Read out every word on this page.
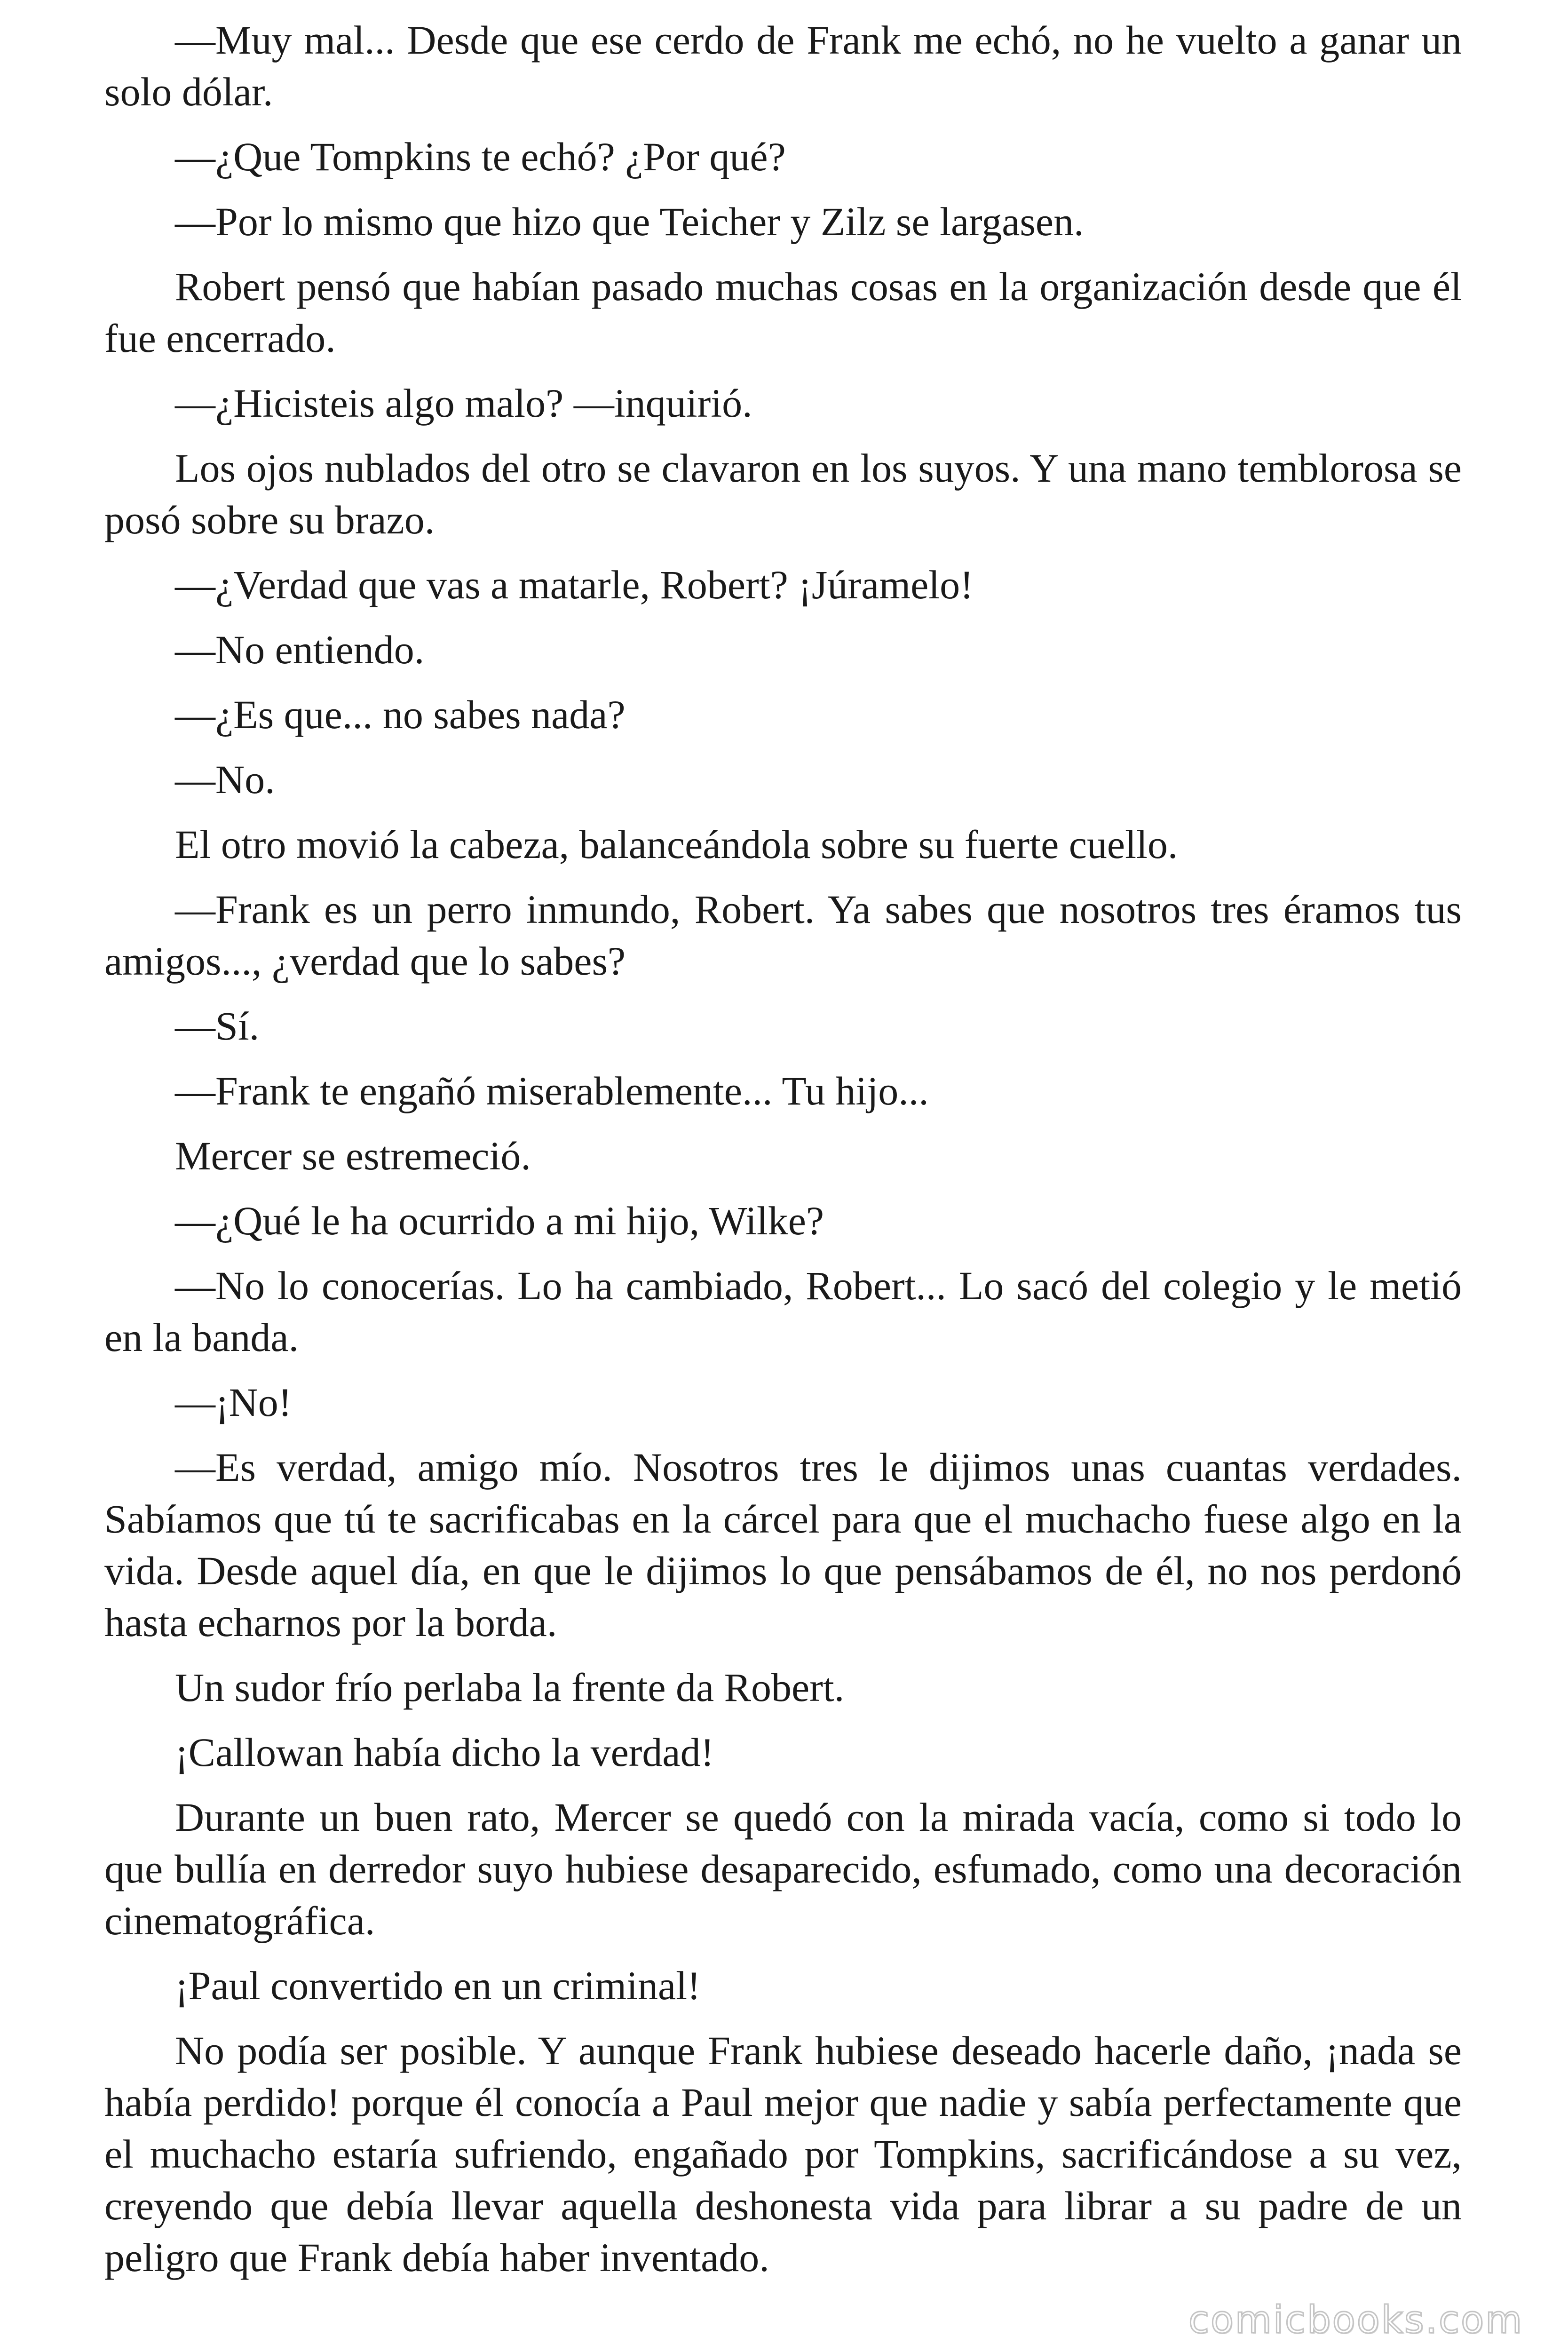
—Muy mal... Desde que ese cerdo de Frank me echó, no he vuelto a ganar un solo dólar.

—¿Que Tompkins te echó? ¿Por qué?

—Por lo mismo que hizo que Teicher y Zilz se largasen.

Robert pensó que habían pasado muchas cosas en la organización desde que él fue encerrado.

—¿Hicisteis algo malo? —inquirió.

Los ojos nublados del otro se clavaron en los suyos. Y una mano temblorosa se posó sobre su brazo.

—¿Verdad que vas a matarle, Robert? ¡Júramelo!

—No entiendo.

—¿Es que... no sabes nada?

—No.

El otro movió la cabeza, balanceándola sobre su fuerte cuello.

—Frank es un perro inmundo, Robert. Ya sabes que nosotros tres éramos tus amigos..., ¿verdad que lo sabes?

—Sí.

—Frank te engañó miserablemente... Tu hijo...

Mercer se estremeció.

—¿Qué le ha ocurrido a mi hijo, Wilke?

—No lo conocerías. Lo ha cambiado, Robert... Lo sacó del colegio y le metió en la banda.

—¡No!

—Es verdad, amigo mío. Nosotros tres le dijimos unas cuantas verdades. Sabíamos que tú te sacrificabas en la cárcel para que el muchacho fuese algo en la vida. Desde aquel día, en que le dijimos lo que pensábamos de él, no nos perdonó hasta echarnos por la borda.

Un sudor frío perlaba la frente da Robert.

¡Callowan había dicho la verdad!

Durante un buen rato, Mercer se quedó con la mirada vacía, como si todo lo que bullía en derredor suyo hubiese desaparecido, esfumado, como una decoración cinematográfica.

¡Paul convertido en un criminal!

No podía ser posible. Y aunque Frank hubiese deseado hacerle daño, ¡nada se había perdido! porque él conocía a Paul mejor que nadie y sabía perfectamente que el muchacho estaría sufriendo, engañado por Tompkins, sacrificándose a su vez, creyendo que debía llevar aquella deshonesta vida para librar a su padre de un peligro que Frank debía haber inventado.

comicbooks.com
